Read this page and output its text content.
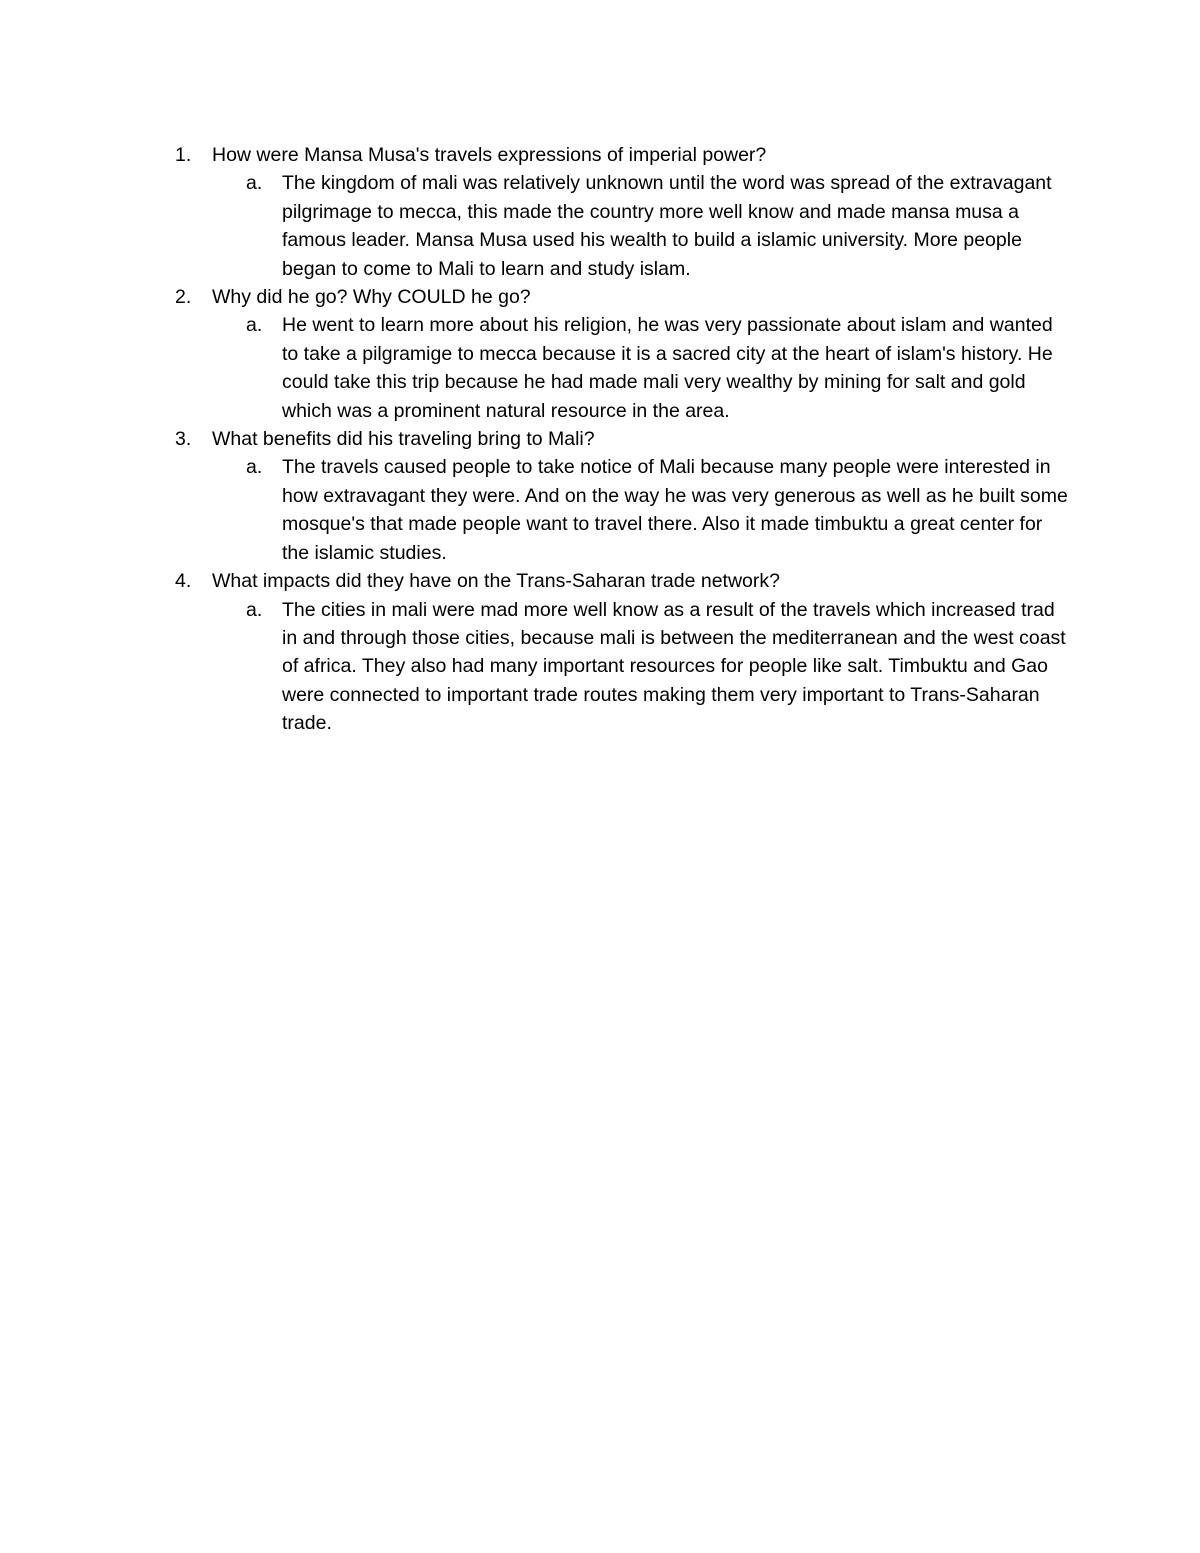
1. How were Mansa Musa's travels expressions of imperial power?
a. The kingdom of mali was relatively unknown until the word was spread of the extravagant pilgrimage to mecca, this made the country more well know and made mansa musa a famous leader. Mansa Musa used his wealth to build a islamic university. More people began to come to Mali to learn and study islam.
2. Why did he go? Why COULD he go?
a. He went to learn more about his religion, he was very passionate about islam and wanted to take a pilgramige to mecca because it is a sacred city at the heart of islam's history. He could take this trip because he had made mali very wealthy by mining for salt and gold which was a prominent natural resource in the area.
3. What benefits did his traveling bring to Mali?
a. The travels caused people to take notice of Mali because many people were interested in how extravagant they were. And on the way he was very generous as well as he built some mosque's that made people want to travel there. Also it made timbuktu a great center for the islamic studies.
4. What impacts did they have on the Trans-Saharan trade network?
a. The cities in mali were mad more well know as a result of the travels which increased trad in and through those cities, because mali is between the mediterranean and the west coast of africa. They also had many important resources for people like salt. Timbuktu and Gao were connected to important trade routes making them very important to Trans-Saharan trade.
